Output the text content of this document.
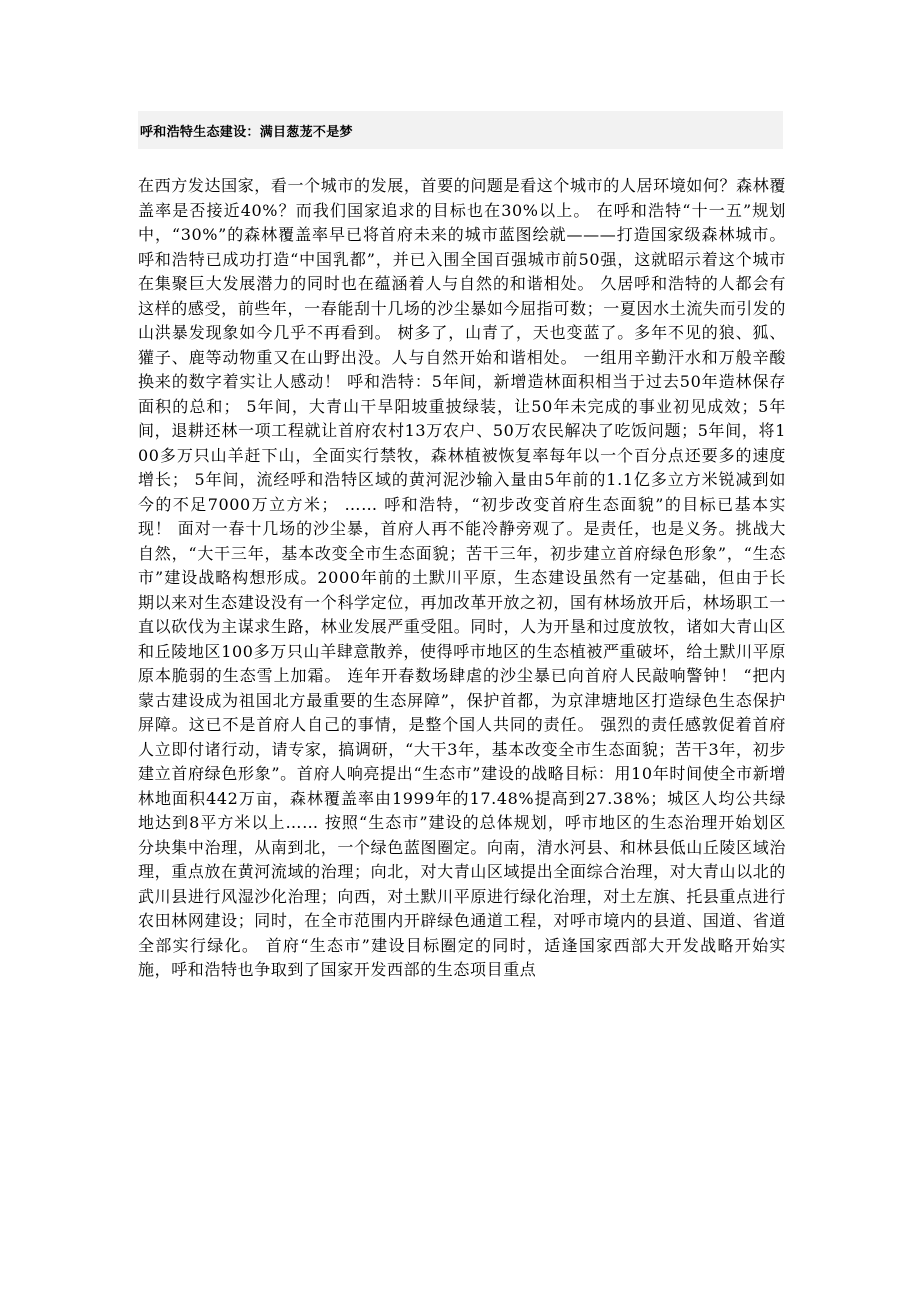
呼和浩特生态建设：满目葱茏不是梦

在西方发达国家，看一个城市的发展，首要的问题是看这个城市的人居环境如何？森林覆盖率是否接近40%？而我们国家追求的目标也在30%以上。 在呼和浩特“十一五”规划中，“30%”的森林覆盖率早已将首府未来的城市蓝图绘就———打造国家级森林城市。 呼和浩特已成功打造“中国乳都”，并已入围全国百强城市前50强，这就昭示着这个城市在集聚巨大发展潜力的同时也在蕴涵着人与自然的和谐相处。 久居呼和浩特的人都会有这样的感受，前些年，一春能刮十几场的沙尘暴如今屈指可数；一夏因水土流失而引发的山洪暴发现象如今几乎不再看到。 树多了，山青了，天也变蓝了。多年不见的狼、狐、獾子、鹿等动物重又在山野出没。人与自然开始和谐相处。 一组用辛勤汗水和万般辛酸换来的数字着实让人感动！ 呼和浩特：5年间，新增造林面积相当于过去50年造林保存面积的总和； 5年间，大青山干旱阳坡重披绿装，让50年未完成的事业初见成效；5年间，退耕还林一项工程就让首府农村13万农户、50万农民解决了吃饭问题；5年间，将100多万只山羊赶下山，全面实行禁牧，森林植被恢复率每年以一个百分点还要多的速度增长； 5年间，流经呼和浩特区域的黄河泥沙输入量由5年前的1.1亿多立方米锐减到如今的不足7000万立方米； …… 呼和浩特，“初步改变首府生态面貌”的目标已基本实现！ 面对一春十几场的沙尘暴，首府人再不能冷静旁观了。是责任，也是义务。挑战大自然，“大干三年，基本改变全市生态面貌；苦干三年，初步建立首府绿色形象”，“生态市”建设战略构想形成。2000年前的土默川平原，生态建设虽然有一定基础，但由于长期以来对生态建设没有一个科学定位，再加改革开放之初，国有林场放开后，林场职工一直以砍伐为主谋求生路，林业发展严重受阻。同时，人为开垦和过度放牧，诸如大青山区和丘陵地区100多万只山羊肆意散养，使得呼市地区的生态植被严重破坏，给土默川平原原本脆弱的生态雪上加霜。 连年开春数场肆虐的沙尘暴已向首府人民敲响警钟！ “把内蒙古建设成为祖国北方最重要的生态屏障”，保护首都，为京津塘地区打造绿色生态保护屏障。这已不是首府人自己的事情，是整个国人共同的责任。 强烈的责任感敦促着首府人立即付诸行动，请专家，搞调研，“大干3年，基本改变全市生态面貌；苦干3年，初步建立首府绿色形象”。首府人响亮提出“生态市”建设的战略目标：用10年时间使全市新增林地面积442万亩，森林覆盖率由1999年的17.48%提高到27.38%；城区人均公共绿地达到8平方米以上…… 按照“生态市”建设的总体规划，呼市地区的生态治理开始划区分块集中治理，从南到北，一个绿色蓝图圈定。向南，清水河县、和林县低山丘陵区域治理，重点放在黄河流域的治理；向北，对大青山区域提出全面综合治理，对大青山以北的武川县进行风湿沙化治理；向西，对土默川平原进行绿化治理，对土左旗、托县重点进行农田林网建设；同时，在全市范围内开辟绿色通道工程，对呼市境内的县道、国道、省道全部实行绿化。 首府“生态市”建设目标圈定的同时，适逢国家西部大开发战略开始实施，呼和浩特也争取到了国家开发西部的生态项目重点
